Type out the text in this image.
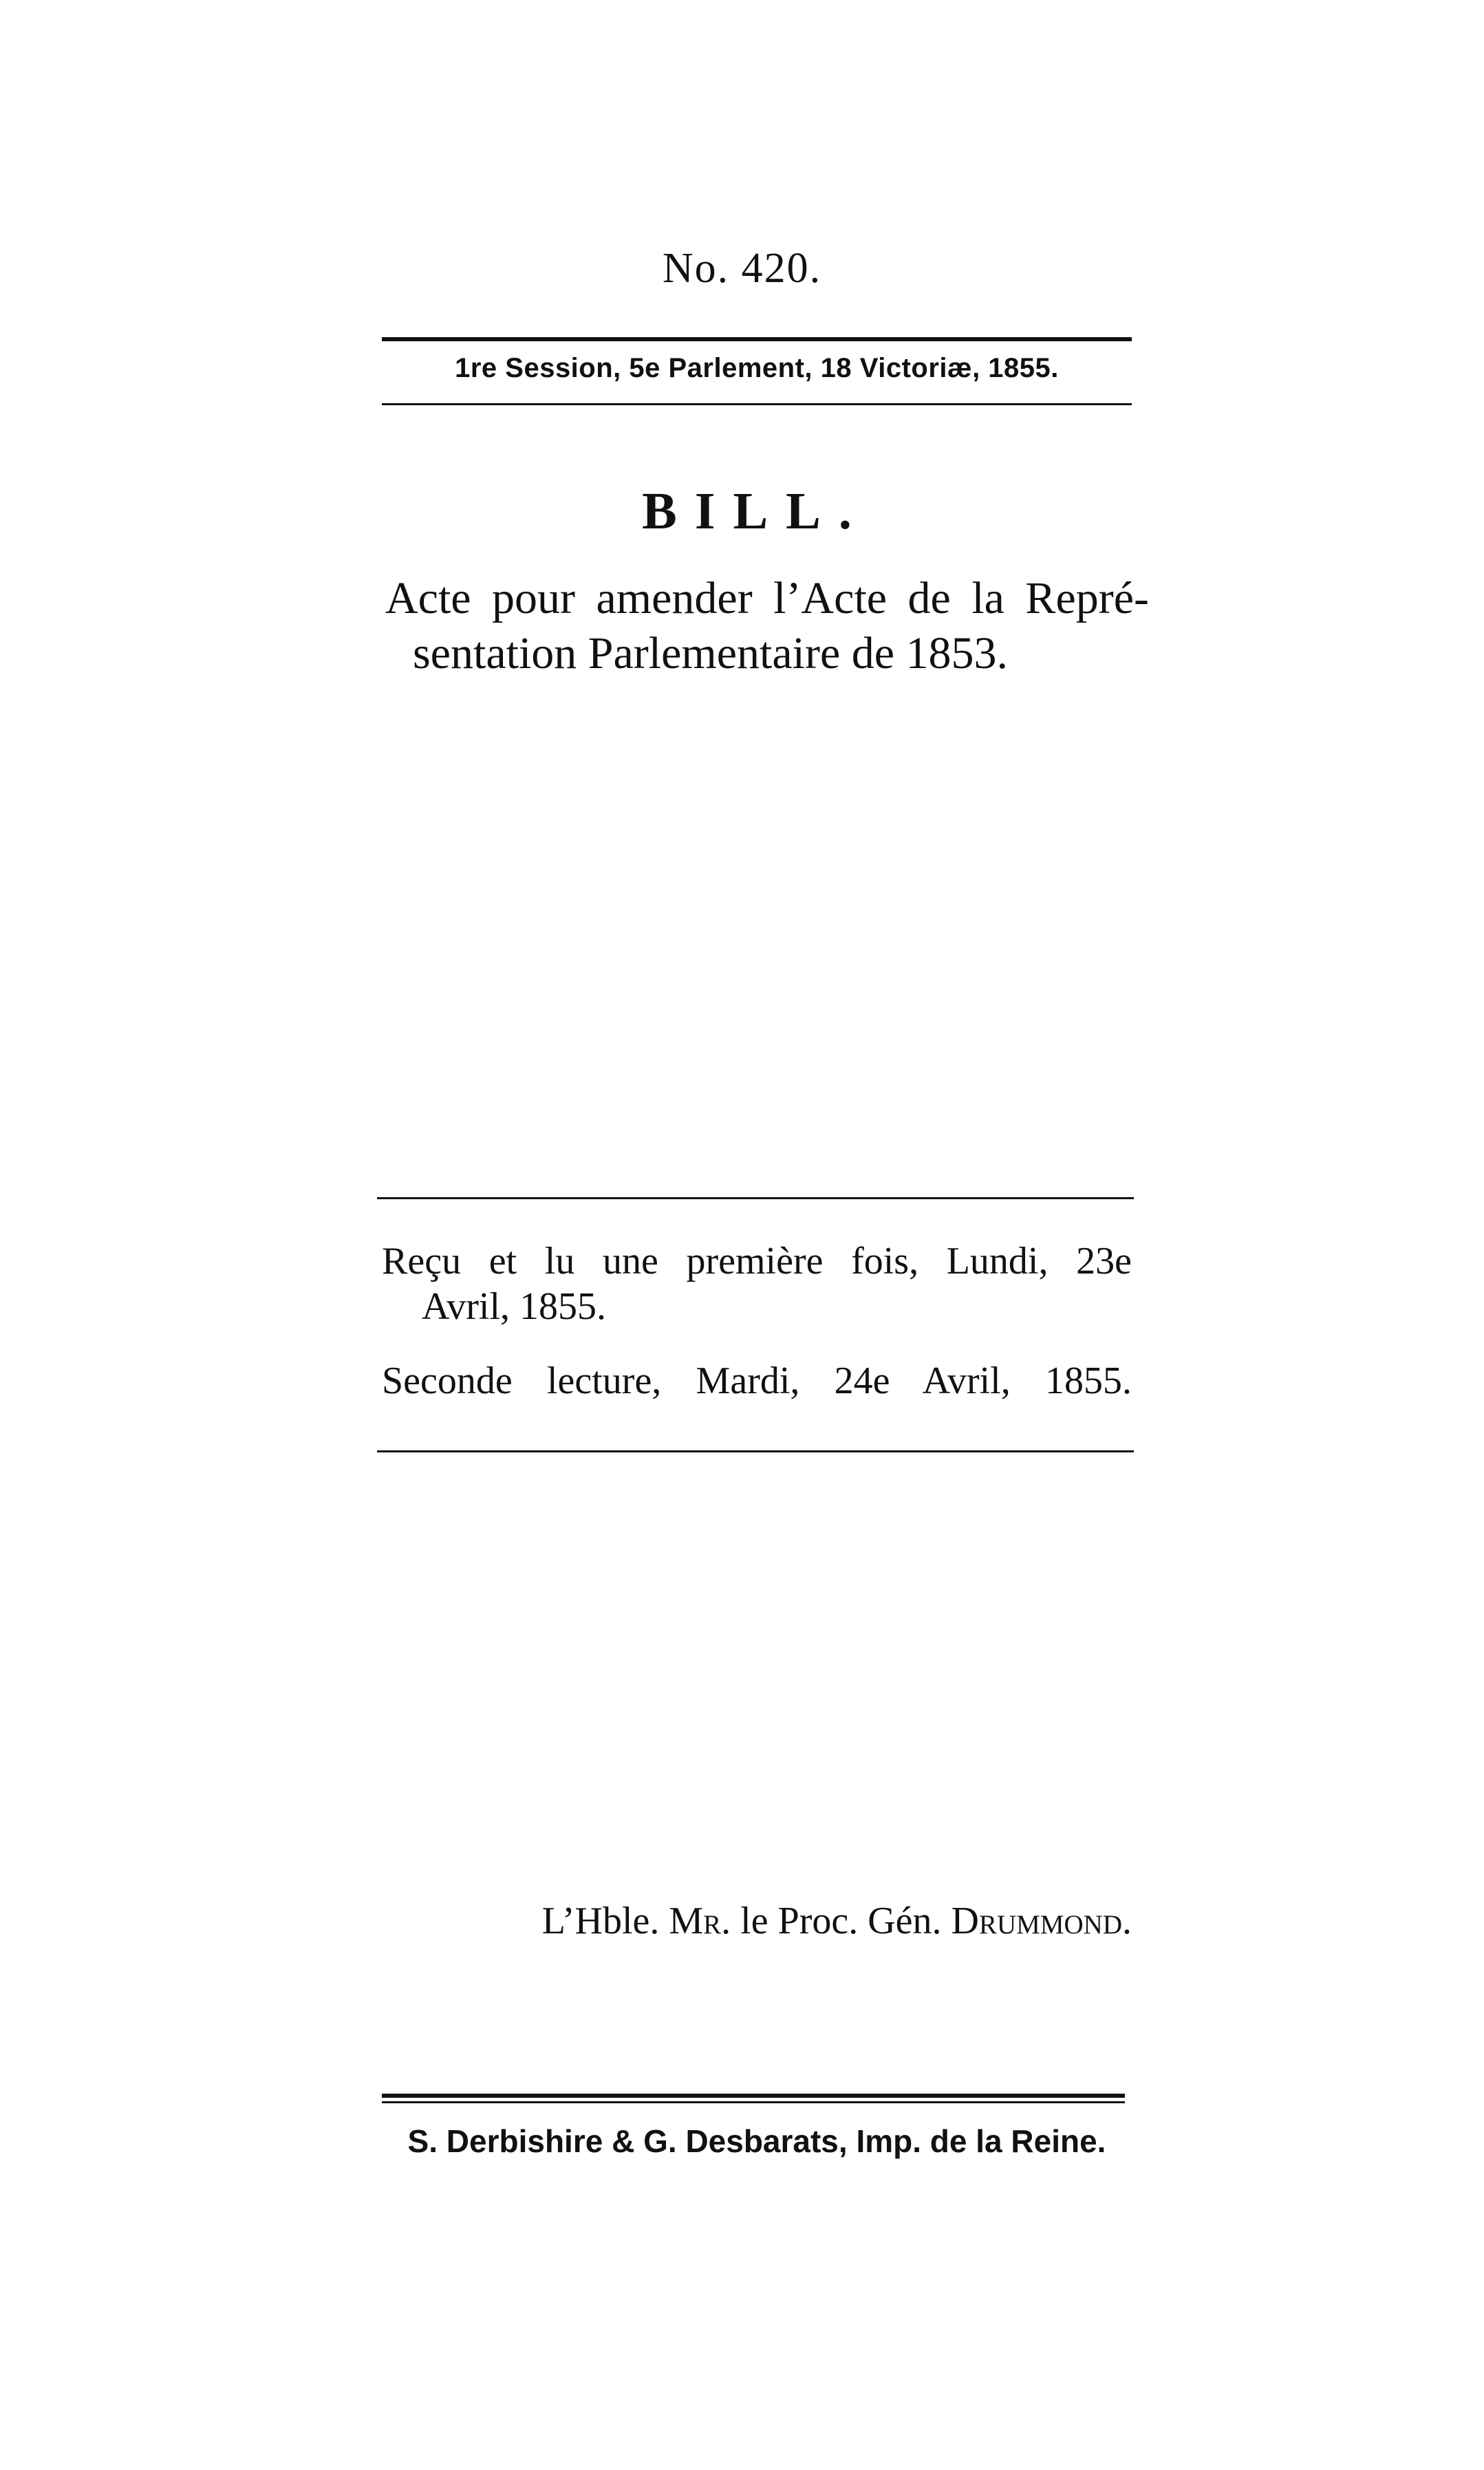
No. 420.
1re Session, 5e Parlement, 18 Victoriæ, 1855.
BILL.
Acte pour amender l’Acte de la Repré-
sentation Parlementaire de 1853.
Reçu et lu une première fois, Lundi, 23e
Avril, 1855.
Seconde lecture, Mardi, 24e Avril, 1855.
L’Hble. Mr. le Proc. Gén. Drummond.
S. Derbishire & G. Desbarats, Imp. de la Reine.
